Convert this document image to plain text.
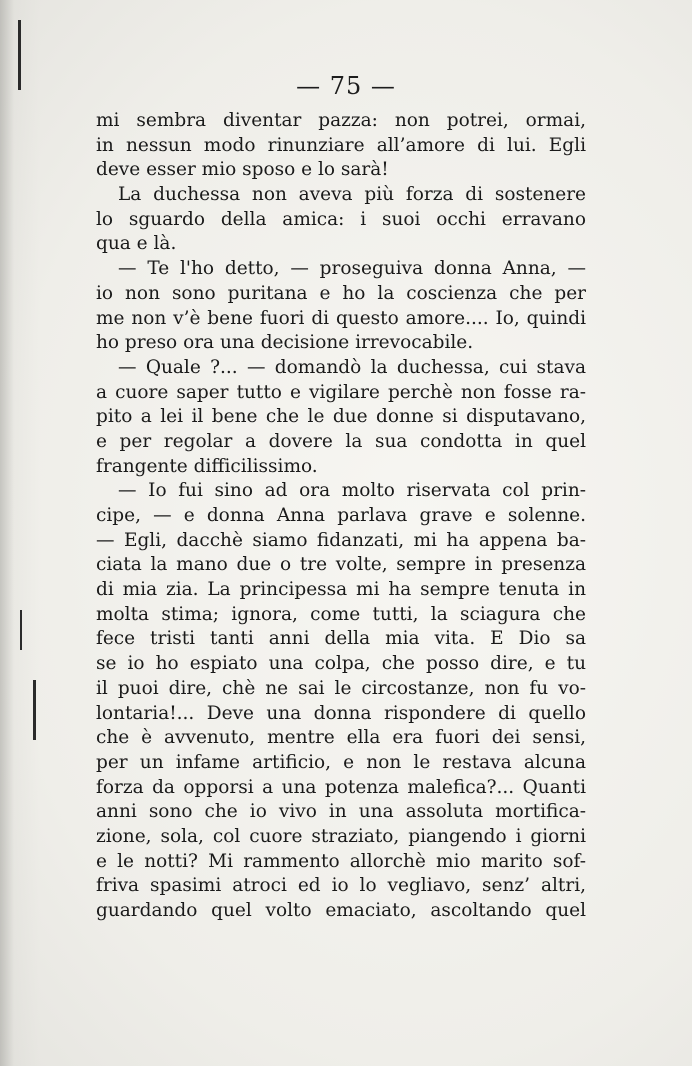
— 75 —
mi sembra diventar pazza: non potrei, ormai,
in nessun modo rinunziare all’amore di lui. Egli
deve esser mio sposo e lo sarà!
La duchessa non aveva più forza di sostenere
lo sguardo della amica: i suoi occhi erravano
qua e là.
— Te l'ho detto, — proseguiva donna Anna, —
io non sono puritana e ho la coscienza che per
me non v’è bene fuori di questo amore.... Io, quindi
ho preso ora una decisione irrevocabile.
— Quale ?... — domandò la duchessa, cui stava
a cuore saper tutto e vigilare perchè non fosse ra-
pito a lei il bene che le due donne si disputavano,
e per regolar a dovere la sua condotta in quel
frangente difficilissimo.
— Io fui sino ad ora molto riservata col prin-
cipe, — e donna Anna parlava grave e solenne.
— Egli, dacchè siamo fidanzati, mi ha appena ba-
ciata la mano due o tre volte, sempre in presenza
di mia zia. La principessa mi ha sempre tenuta in
molta stima; ignora, come tutti, la sciagura che
fece tristi tanti anni della mia vita. E Dio sa
se io ho espiato una colpa, che posso dire, e tu
il puoi dire, chè ne sai le circostanze, non fu vo-
lontaria!... Deve una donna rispondere di quello
che è avvenuto, mentre ella era fuori dei sensi,
per un infame artificio, e non le restava alcuna
forza da opporsi a una potenza malefica?... Quanti
anni sono che io vivo in una assoluta mortifica-
zione, sola, col cuore straziato, piangendo i giorni
e le notti? Mi rammento allorchè mio marito sof-
friva spasimi atroci ed io lo vegliavo, senz’ altri,
guardando quel volto emaciato, ascoltando quel
